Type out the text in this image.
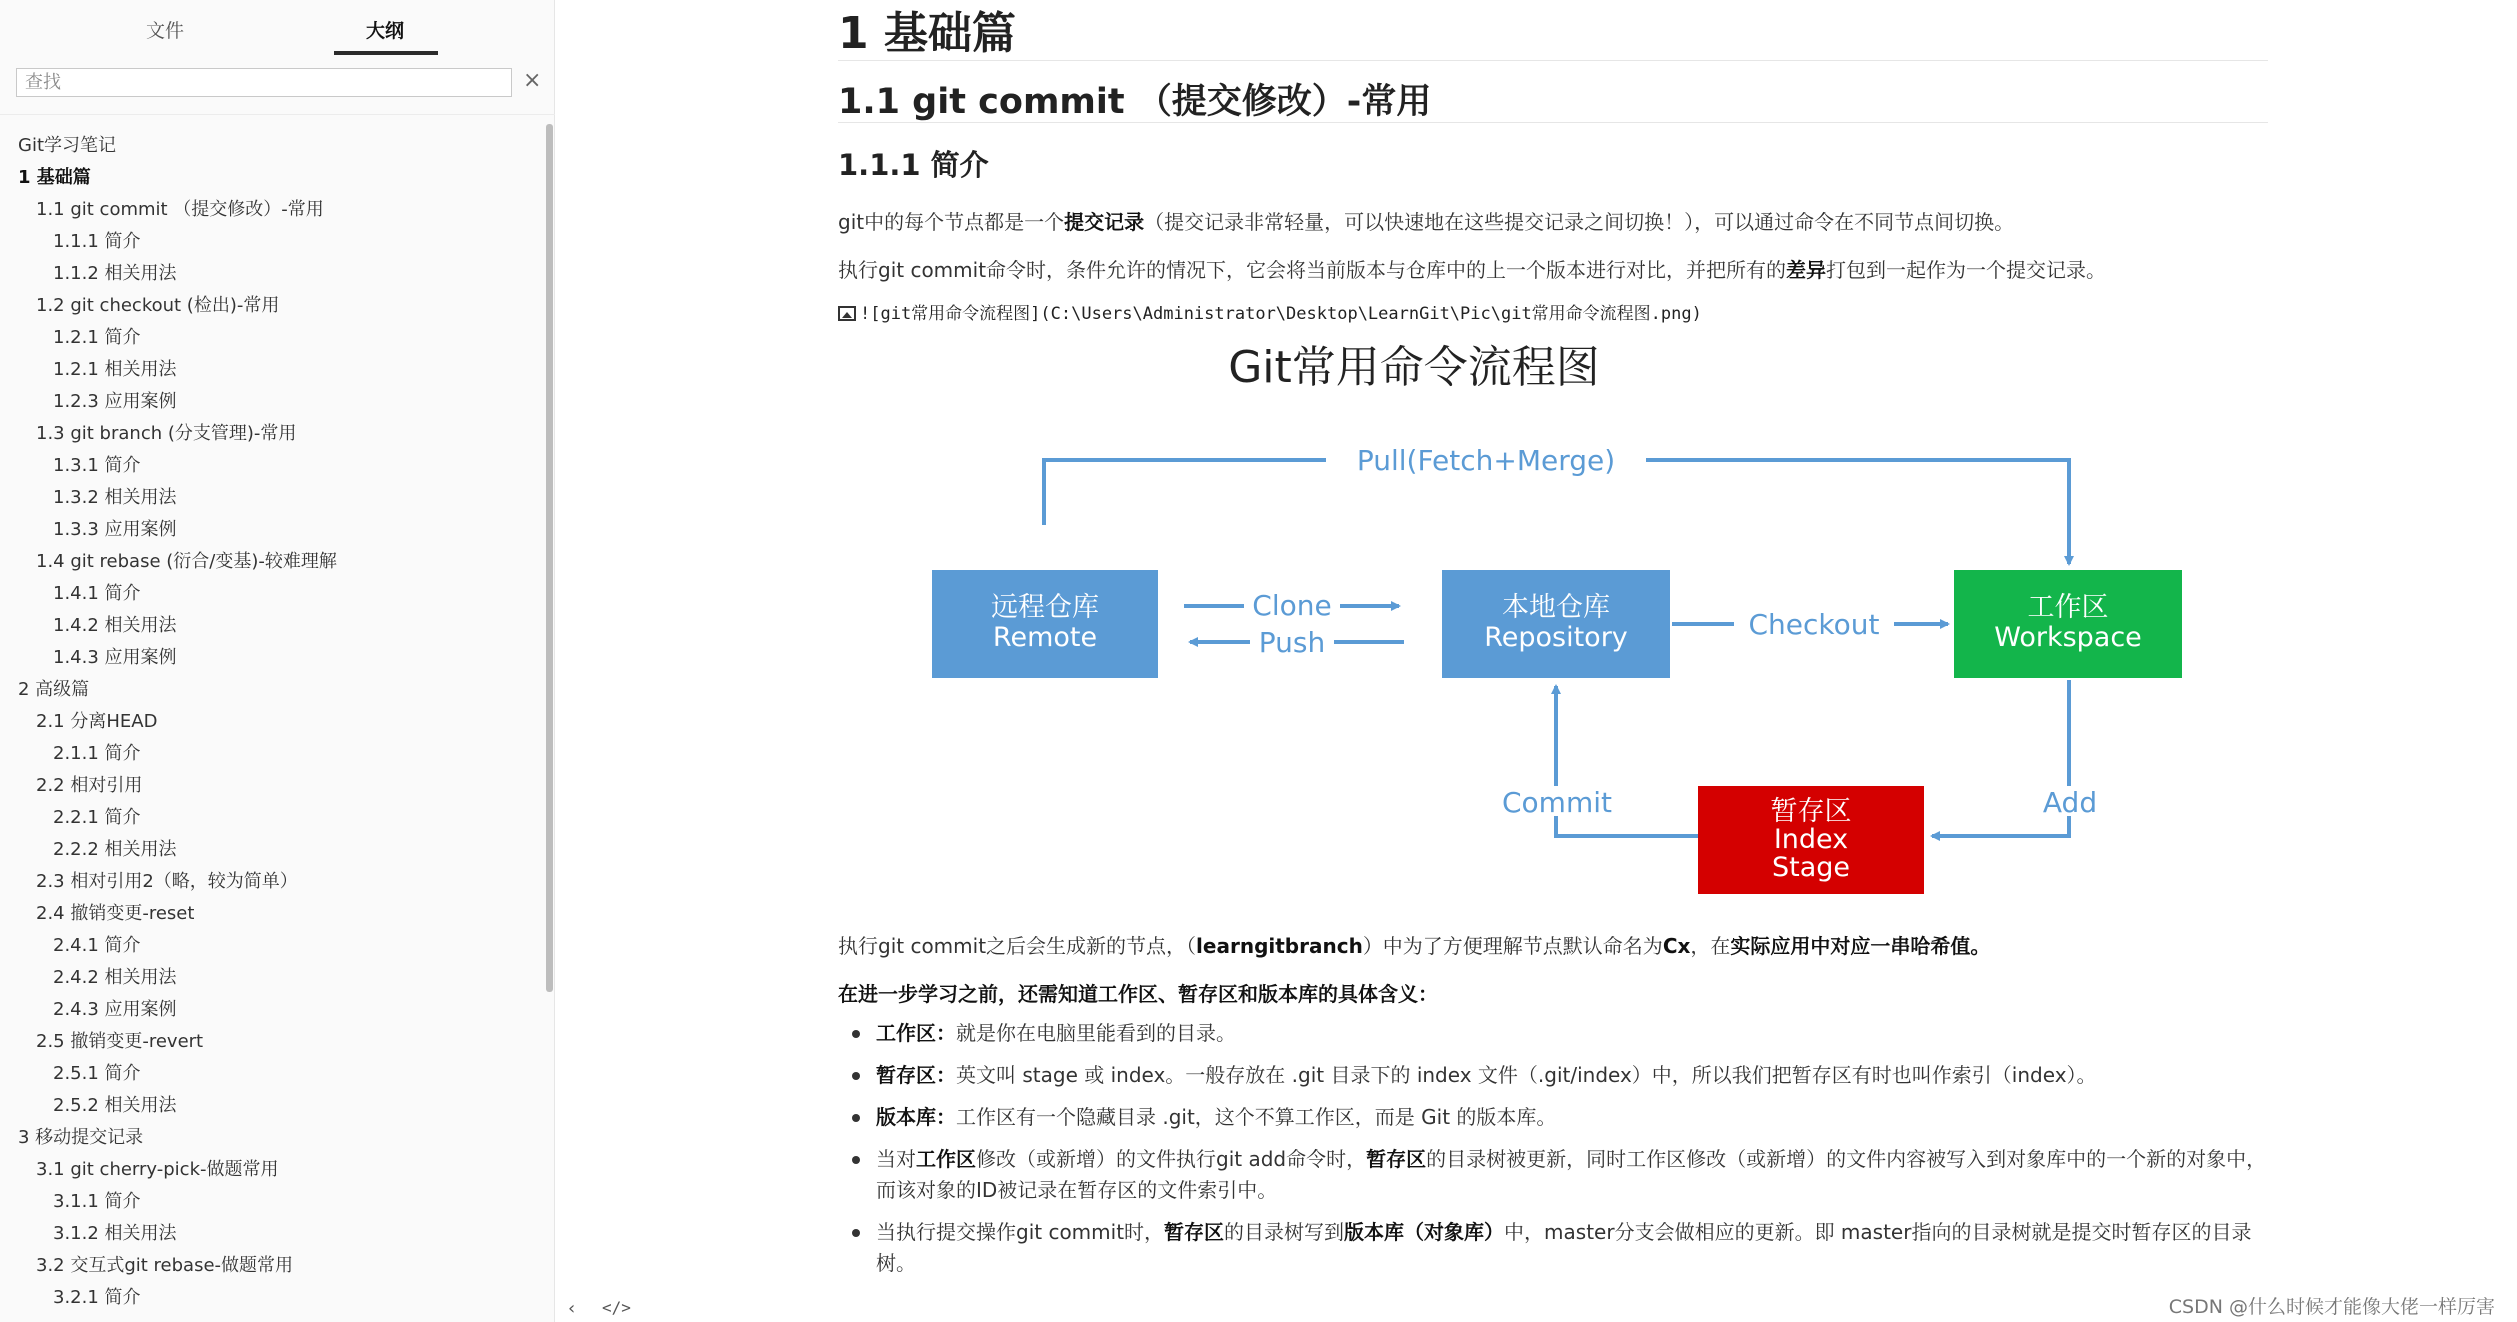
文件	大纲
查找
×
Git学习笔记
1 基础篇
1.1 git commit （提交修改）-常用
1.1.1 简介
1.1.2 相关用法
1.2 git checkout (检出)-常用
1.2.1 简介
1.2.1 相关用法
1.2.3 应用案例
1.3 git branch (分支管理)-常用
1.3.1 简介
1.3.2 相关用法
1.3.3 应用案例
1.4 git rebase (衍合/变基)-较难理解
1.4.1 简介
1.4.2 相关用法
1.4.3 应用案例
2 高级篇
2.1 分离HEAD
2.1.1 简介
2.2 相对引用
2.2.1 简介
2.2.2 相关用法
2.3 相对引用2（略，较为简单）
2.4 撤销变更-reset
2.4.1 简介
2.4.2 相关用法
2.4.3 应用案例
2.5 撤销变更-revert
2.5.1 简介
2.5.2 相关用法
3 移动提交记录
3.1 git cherry-pick-做题常用
3.1.1 简介
3.1.2 相关用法
3.2 交互式git rebase-做题常用
3.2.1 简介
1 基础篇
1.1 git commit （提交修改）-常用
1.1.1 简介
git中的每个节点都是一个提交记录（提交记录非常轻量，可以快速地在这些提交记录之间切换！），可以通过命令在不同节点间切换。
执行git commit命令时，条件允许的情况下，它会将当前版本与仓库中的上一个版本进行对比，并把所有的差异打包到一起作为一个提交记录。
![git常用命令流程图](C:\Users\Administrator\Desktop\LearnGit\Pic\git常用命令流程图.png)
Git常用命令流程图
Pull(Fetch+Merge)
远程仓库
Remote
本地仓库
Repository
工作区
Workspace
暂存区
Index
Stage
Clone
Push
Checkout
Add
Commit
执行git commit之后会生成新的节点，（learngitbranch）中为了方便理解节点默认命名为Cx，在实际应用中对应一串哈希值。
在进一步学习之前，还需知道工作区、暂存区和版本库的具体含义：
工作区：就是你在电脑里能看到的目录。
暂存区：英文叫 stage 或 index。一般存放在 .git 目录下的 index 文件（.git/index）中，所以我们把暂存区有时也叫作索引（index）。
版本库：工作区有一个隐藏目录 .git，这个不算工作区，而是 Git 的版本库。
当对工作区修改（或新增）的文件执行git add命令时，暂存区的目录树被更新，同时工作区修改（或新增）的文件内容被写入到对象库中的一个新的对象中，
而该对象的ID被记录在暂存区的文件索引中。
当执行提交操作git commit时，暂存区的目录树写到版本库（对象库）中，master分支会做相应的更新。即 master指向的目录树就是提交时暂存区的目录
树。
‹ </>	CSDN @什么时候才能像大佬一样厉害
